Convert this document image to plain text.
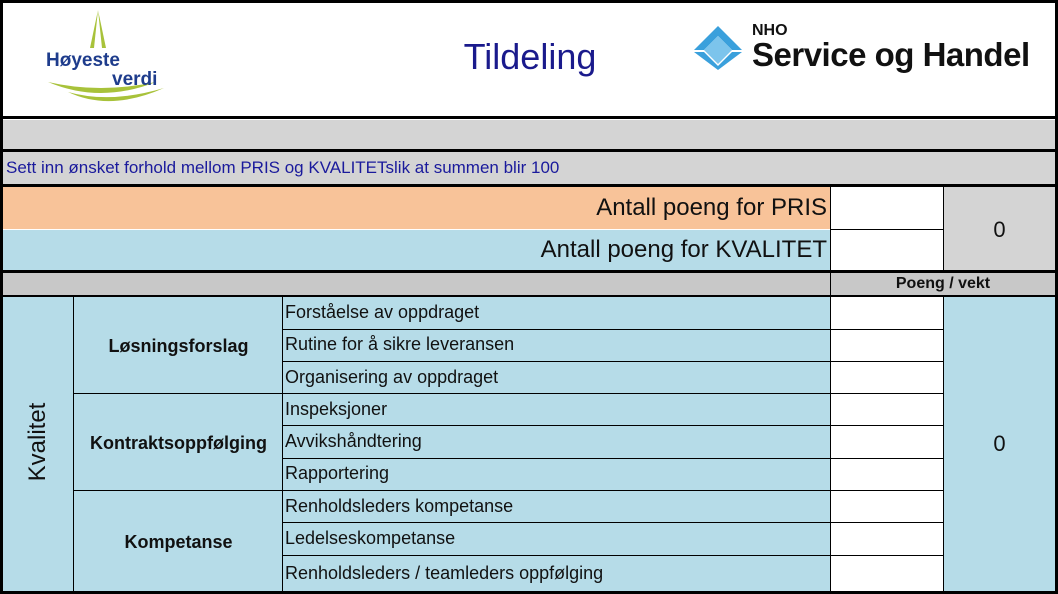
Høyeste
verdi
Tildeling
NHO
Service og Handel
Sett inn ønsket forhold mellom PRIS og KVALITETslik at summen blir 100
Antall poeng for PRIS
Antall poeng for KVALITET
0
Poeng / vekt
Kvalitet
Løsningsforslag
Kontraktsoppfølging
Kompetanse
Forståelse av oppdraget
Rutine for å sikre leveransen
Organisering av oppdraget
Inspeksjoner
Avvikshåndtering
Rapportering
Renholdsleders kompetanse
Ledelseskompetanse
Renholdsleders / teamleders oppfølging
0
